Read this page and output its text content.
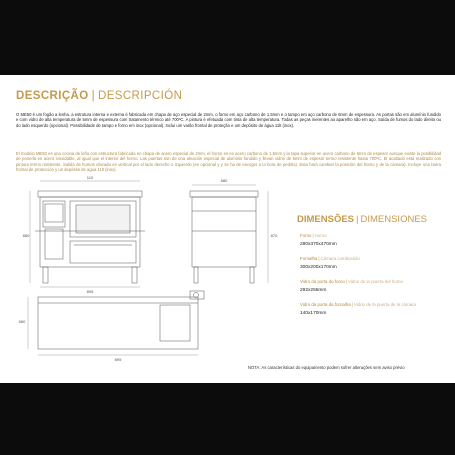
DESCRIÇÃO | DESCRIPCIÓN

O ME50 é um fogão a lenha, a estrutura interna e externa é fabricada em chapa de aço especial de 2mm, o forno em aço carbono de 1,5mm e o tampo em aço carbono de 6mm de espessura. As portas são em alumínio fundido e com vidro de alta temperatura de 5mm de espessura com tratamento térmico até 700ºC. A pintura é efetuada com tinta de alta temperatura. Todas as peças inerentes ao aparelho são em aço. Saída de fumos do lado direito ou do lado esquerdo (opcional). Possibilidade de tampo e forno em inox (opcional). Inclui um varão frontal de proteção e um depósito de água 11lt (inox).

El modelo ME50 es una cocina de leña con estructura fabricada en chapa de acero especial de 2mm, el horno es en acero carbono de 1,5mm y la tapa superior en acero carbono de 6mm de espesor aunque existe la posibilidad de ponerla en acero inoxidable, al igual que el interior del horno. Las puertas son de una aleación especial de aluminio fundido y llevan vidrio de 5mm de espesor termo resistente hasta 700ºC. El acabado está realizado con pintura termo resistente. Salida de humos ubicada en vertical por el lado derecho o izquierdo (es opcional y y se ha de escoger a la hora de pedirla). Esta hará cambiar la posición del horno y de la cámara). Incluye una barra frontal de protección y un depósito de agua 11lt (inox).

880
895
580
870
895
580
110
DIMENSÕES | DIMENSIONES
Forno|Horno
280x370x470mm
Fornalha|Cámara combustión
300x200x170mm
Vidro da porta do forno|Vidrio de la puerta del horno
292x255mm
Vidro da porta da fornalha|Vidrio de la puerta de la cámara
140x170mm
NOTA: As características do equipamento podem sofrer alterações sem aviso prévio
